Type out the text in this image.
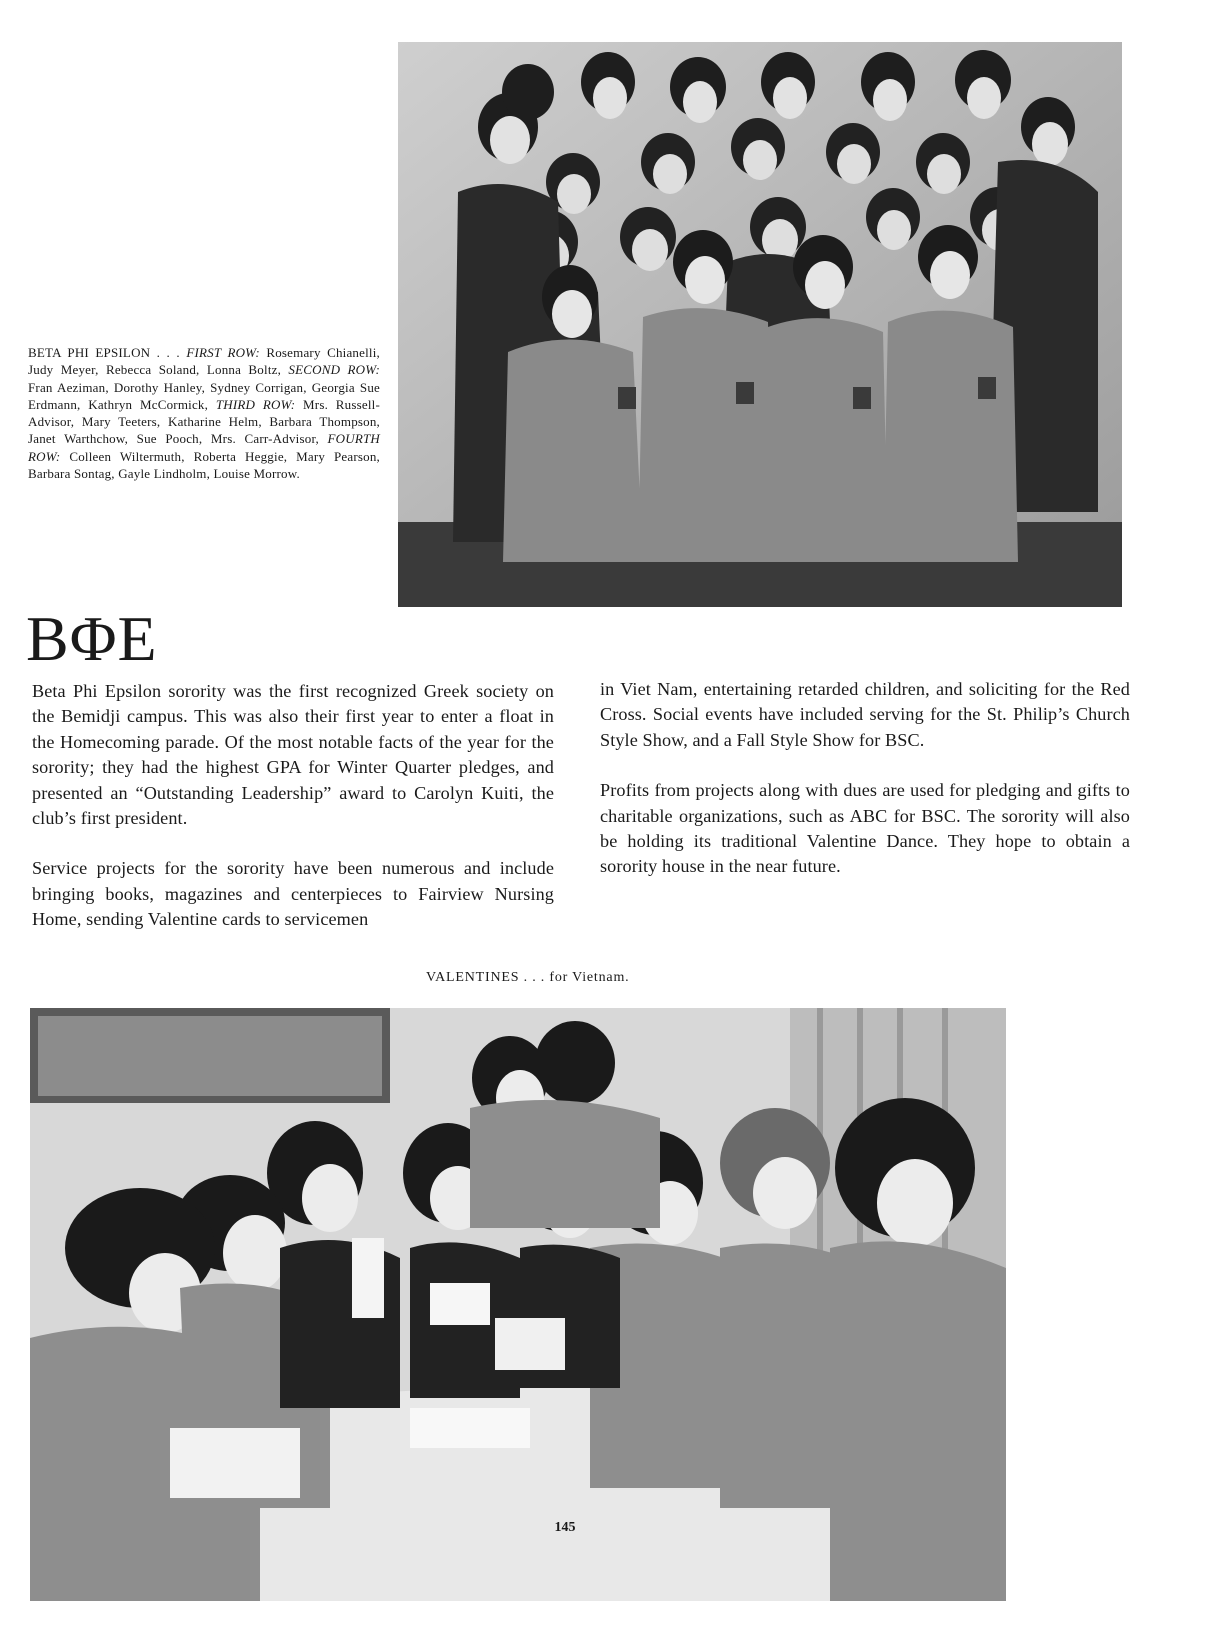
BETA PHI EPSILON . . . FIRST ROW: Rosemary Chianelli, Judy Meyer, Rebecca Soland, Lonna Boltz, SECOND ROW: Fran Aeziman, Dorothy Hanley, Sydney Corrigan, Georgia Sue Erdmann, Kathryn McCormick, THIRD ROW: Mrs. Russell-Advisor, Mary Teeters, Katharine Helm, Barbara Thompson, Janet Warthchow, Sue Pooch, Mrs. Carr-Advisor, FOURTH ROW: Colleen Wiltermuth, Roberta Heggie, Mary Pearson, Barbara Sontag, Gayle Lindholm, Louise Morrow.
BΦE

Beta Phi Epsilon sorority was the first recognized Greek society on the Bemidji campus. This was also their first year to enter a float in the Homecoming parade. Of the most notable facts of the year for the sorority; they had the highest GPA for Winter Quarter pledges, and presented an “Outstanding Leadership” award to Carolyn Kuiti, the club’s first president.

Service projects for the sorority have been numerous and include bringing books, magazines and centerpieces to Fairview Nursing Home, sending Valentine cards to servicemen

in Viet Nam, entertaining retarded children, and soliciting for the Red Cross. Social events have included serving for the St. Philip’s Church Style Show, and a Fall Style Show for BSC.

Profits from projects along with dues are used for pledging and gifts to charitable organizations, such as ABC for BSC. The sorority will also be holding its traditional Valentine Dance. They hope to obtain a sorority house in the near future.

VALENTINES . . . for Vietnam.
145
